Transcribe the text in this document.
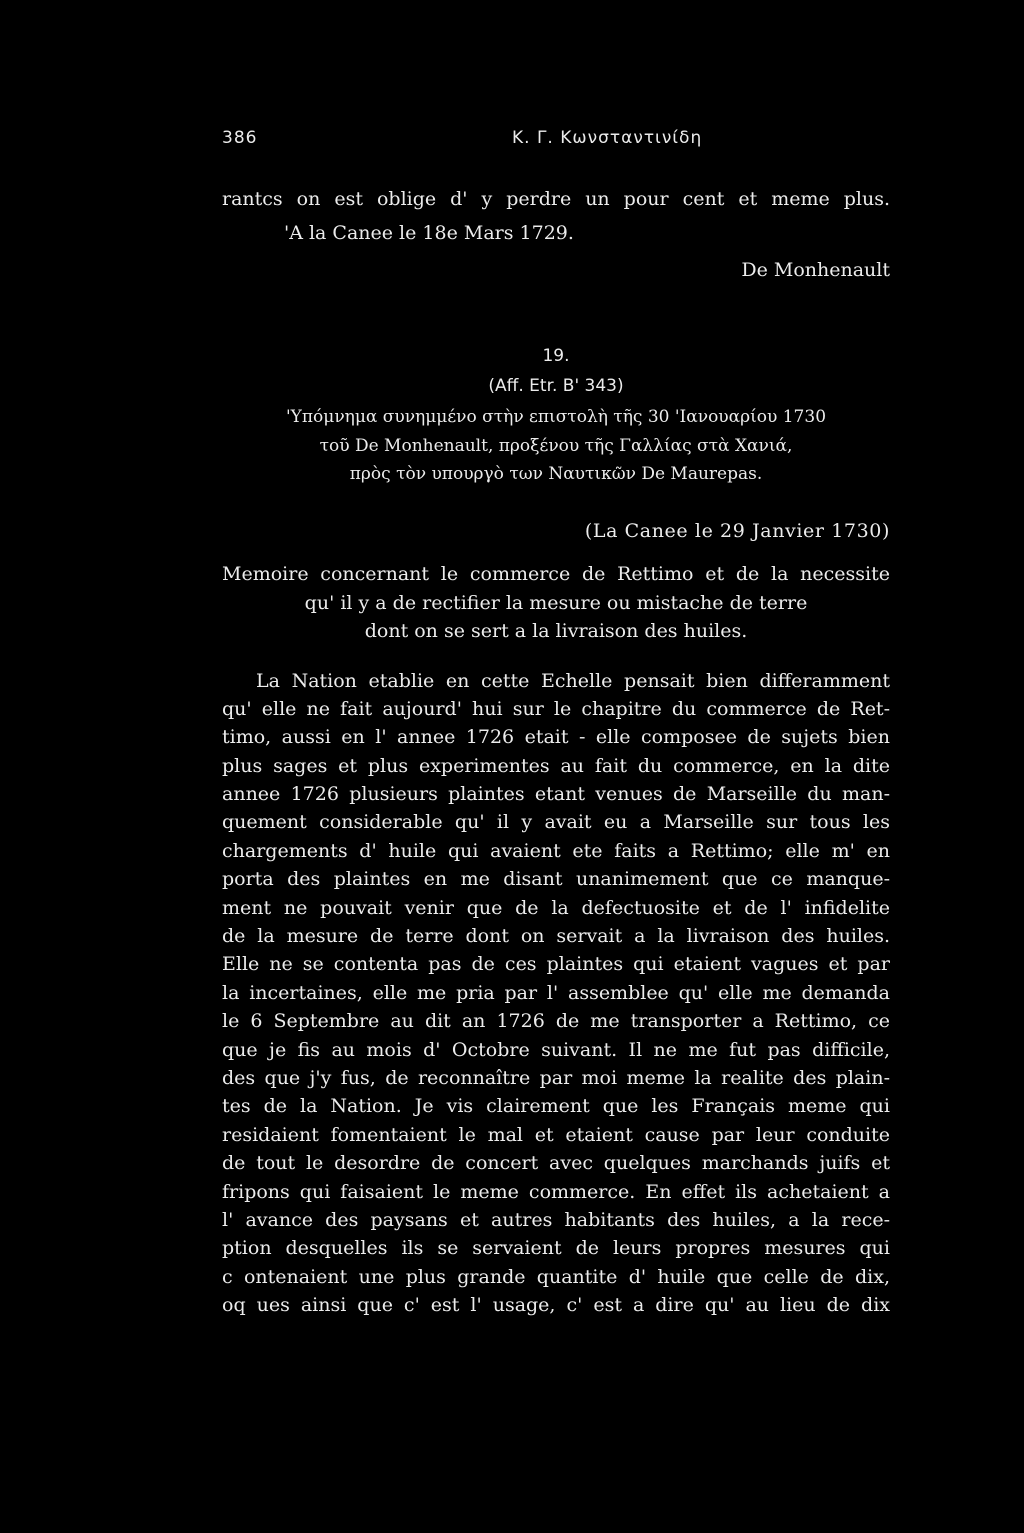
386	Κ. Γ. Κωνσταντινίδη
rantcs on est oblige d' y perdre un pour cent et meme plus.
'A la Canee le 18e Mars 1729.
De Monhenault
19.
(Aff. Etr. B' 343)
'Υπόμνημα συνημμένο στὴν επιστολὴ τῆς 30 'Ιανουαρίου 1730
τοῦ De Monhenault, προξένου τῆς Γαλλίας στὰ Χανιά,
πρὸς τὸν υπουργὸ των Ναυτικῶν De Maurepas.
(La Canee le 29 Janvier 1730)
Memoire concernant le commerce de Rettimo et de la necessite
qu' il y a de rectifier la mesure ou mistache de terre
dont on se sert a la livraison des huiles.
La Nation etablie en cette Echelle pensait bien differamment
qu' elle ne fait aujourd' hui sur le chapitre du commerce de Ret-
timo, aussi en l' annee 1726 etait - elle composee de sujets bien
plus sages et plus experimentes au fait du commerce, en la dite
annee 1726 plusieurs plaintes etant venues de Marseille du man-
quement considerable qu' il y avait eu a Marseille sur tous les
chargements d' huile qui avaient ete faits a Rettimo; elle m' en
porta des plaintes en me disant unanimement que ce manque-
ment ne pouvait venir que de la defectuosite et de l' infidelite
de la mesure de terre dont on servait a la livraison des huiles.
Elle ne se contenta pas de ces plaintes qui etaient vagues et par
la incertaines, elle me pria par l' assemblee qu' elle me demanda
le 6 Septembre au dit an 1726 de me transporter a Rettimo, ce
que je fis au mois d' Octobre suivant. Il ne me fut pas difficile,
des que j'y fus, de reconnaître par moi meme la realite des plain-
tes de la Nation. Je vis clairement que les Français meme qui
residaient fomentaient le mal et etaient cause par leur conduite
de tout le desordre de concert avec quelques marchands juifs et
fripons qui faisaient le meme commerce. En effet ils achetaient a
l' avance des paysans et autres habitants des huiles, a la rece-
ption desquelles ils se servaient de leurs propres mesures qui
c ontenaient une plus grande quantite d' huile que celle de dix,
oq ues ainsi que c' est l' usage, c' est a dire qu' au lieu de dix
